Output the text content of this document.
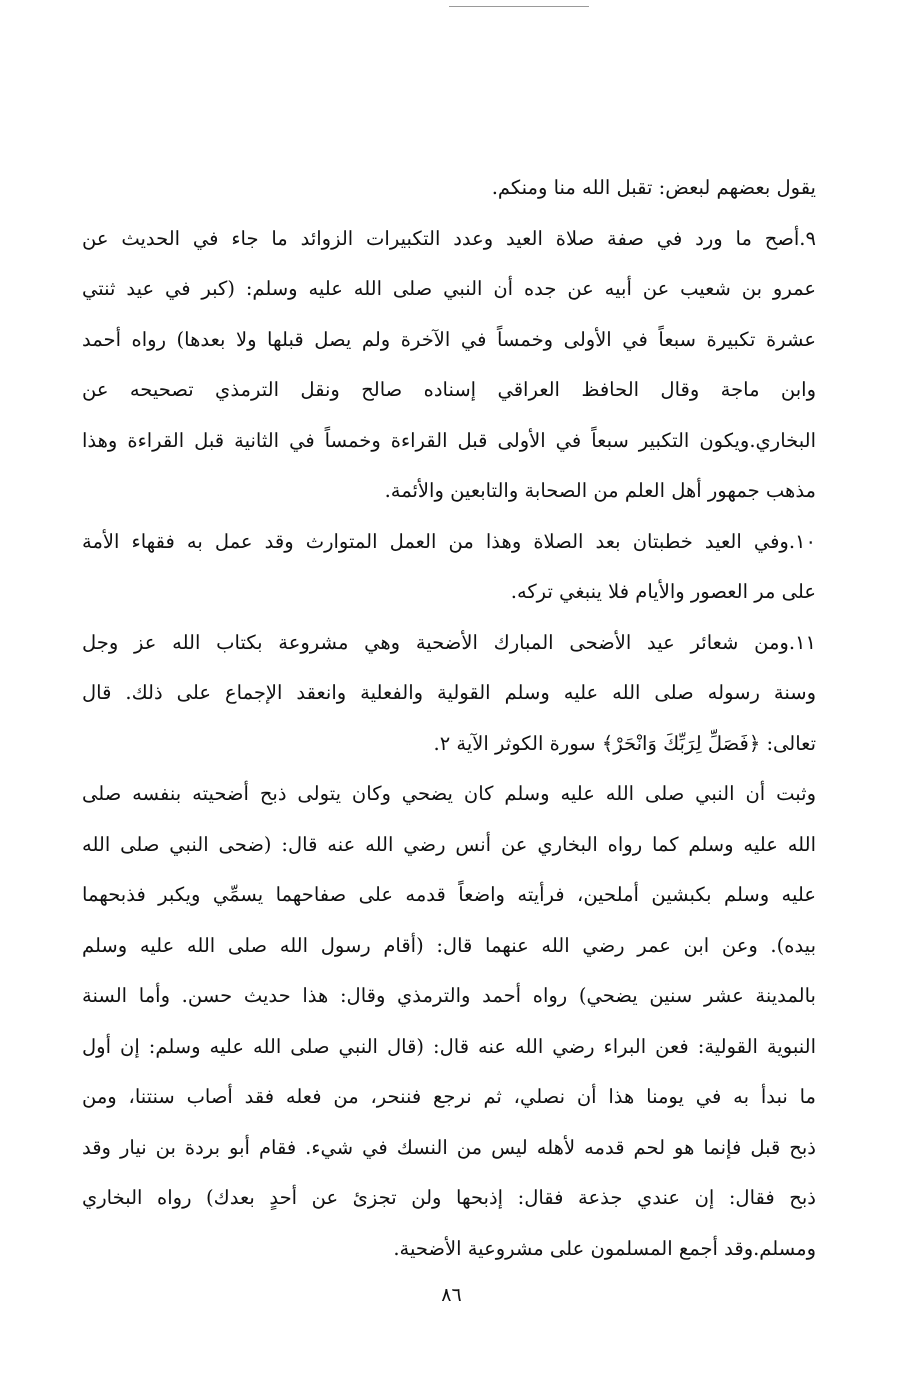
يقول بعضهم لبعض: تقبل الله منا ومنكم.
٩.أصح ما ورد في صفة صلاة العيد وعدد التكبيرات الزوائد ما جاء في الحديث عن
عمرو بن شعيب عن أبيه عن جده أن النبي صلى الله عليه وسلم: (كبر في عيد ثنتي
عشرة تكبيرة سبعاً في الأولى وخمساً في الآخرة ولم يصل قبلها ولا بعدها) رواه أحمد
وابن ماجة وقال الحافظ العراقي إسناده صالح ونقل الترمذي تصحيحه عن
البخاري.ويكون التكبير سبعاً في الأولى قبل القراءة وخمساً في الثانية قبل القراءة وهذا
مذهب جمهور أهل العلم من الصحابة والتابعين والأئمة.
١٠.وفي العيد خطبتان بعد الصلاة وهذا من العمل المتوارث وقد عمل به فقهاء الأمة
على مر العصور والأيام فلا ينبغي تركه.
١١.ومن شعائر عيد الأضحى المبارك الأضحية وهي مشروعة بكتاب الله عز وجل
وسنة رسوله صلى الله عليه وسلم القولية والفعلية وانعقد الإجماع على ذلك. قال
تعالى: ﴿فَصَلِّ لِرَبِّكَ وَانْحَرْ﴾ سورة الكوثر الآية ٢.
وثبت أن النبي صلى الله عليه وسلم كان يضحي وكان يتولى ذبح أضحيته بنفسه صلى
الله عليه وسلم كما رواه البخاري عن أنس رضي الله عنه قال: (ضحى النبي صلى الله
عليه وسلم بكبشين أملحين، فرأيته واضعاً قدمه على صفاحهما يسمِّي ويكبر فذبحهما
بيده). وعن ابن عمر رضي الله عنهما قال: (أقام رسول الله صلى الله عليه وسلم
بالمدينة عشر سنين يضحي) رواه أحمد والترمذي وقال: هذا حديث حسن. وأما السنة
النبوية القولية: فعن البراء رضي الله عنه قال: (قال النبي صلى الله عليه وسلم: إن أول
ما نبدأ به في يومنا هذا أن نصلي، ثم نرجع فننحر، من فعله فقد أصاب سنتنا، ومن
ذبح قبل فإنما هو لحم قدمه لأهله ليس من النسك في شيء. فقام أبو بردة بن نيار وقد
ذبح فقال: إن عندي جذعة فقال: إذبحها ولن تجزئ عن أحدٍ بعدك) رواه البخاري
ومسلم.وقد أجمع المسلمون على مشروعية الأضحية.
٨٦
